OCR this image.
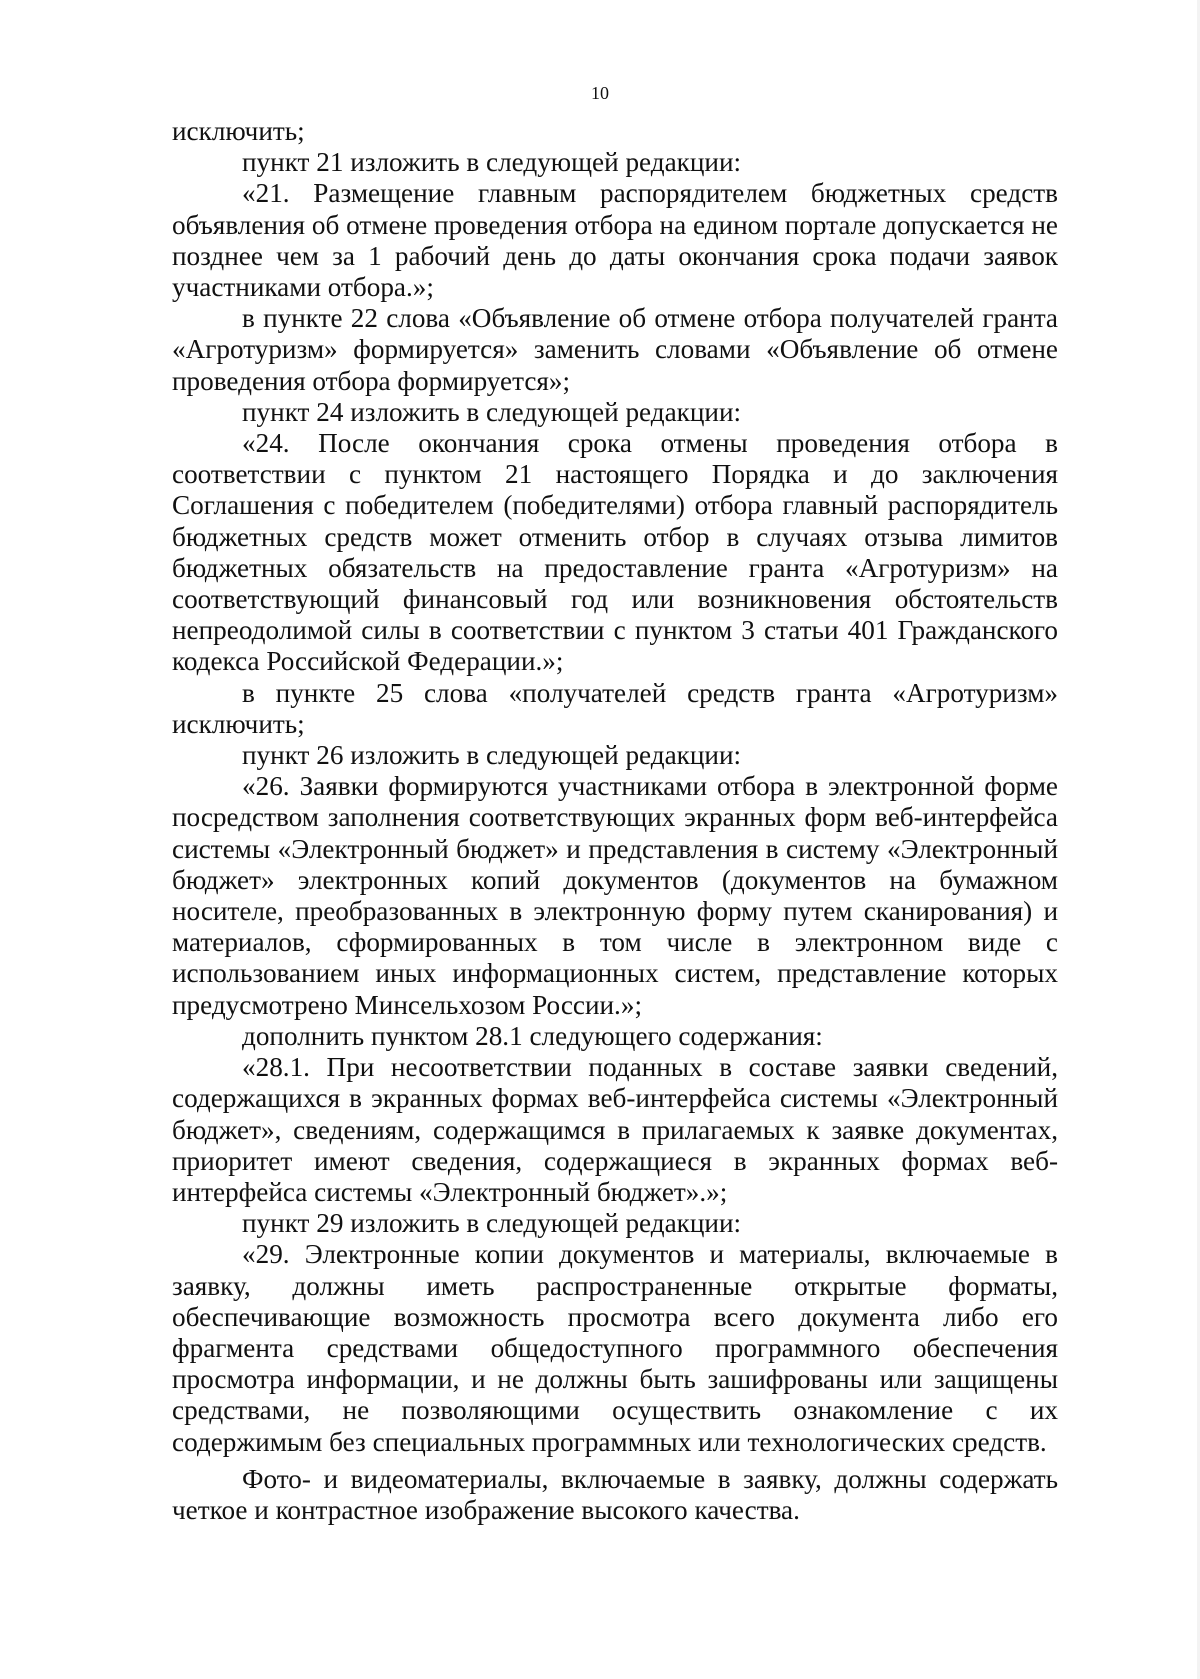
10

исключить;

пункт 21 изложить в следующей редакции:

«21. Размещение главным распорядителем бюджетных средств объявления об отмене проведения отбора на едином портале допускается не позднее чем за 1 рабочий день до даты окончания срока подачи заявок участниками отбора.»;

в пункте 22 слова «Объявление об отмене отбора получателей гранта «Агротуризм» формируется» заменить словами «Объявление об отмене проведения отбора формируется»;

пункт 24 изложить в следующей редакции:

«24. После окончания срока отмены проведения отбора в соответствии с пунктом 21 настоящего Порядка и до заключения Соглашения с победителем (победителями) отбора главный распорядитель бюджетных средств может отменить отбор в случаях отзыва лимитов бюджетных обязательств на предоставление гранта «Агротуризм» на соответствующий финансовый год или возникновения обстоятельств непреодолимой силы в соответствии с пунктом 3 статьи 401 Гражданского кодекса Российской Федерации.»;

в пункте 25 слова «получателей средств гранта «Агротуризм» исключить;

пункт 26 изложить в следующей редакции:

«26. Заявки формируются участниками отбора в электронной форме посредством заполнения соответствующих экранных форм веб-интерфейса системы «Электронный бюджет» и представления в систему «Электронный бюджет» электронных копий документов (документов на бумажном носителе, преобразованных в электронную форму путем сканирования) и материалов, сформированных в том числе в электронном виде с использованием иных информационных систем, представление которых предусмотрено Минсельхозом России.»;

дополнить пунктом 28.1 следующего содержания:

«28.1. При несоответствии поданных в составе заявки сведений, содержащихся в экранных формах веб-интерфейса системы «Электронный бюджет», сведениям, содержащимся в прилагаемых к заявке документах, приоритет имеют сведения, содержащиеся в экранных формах веб-интерфейса системы «Электронный бюджет».»;

пункт 29 изложить в следующей редакции:

«29. Электронные копии документов и материалы, включаемые в заявку, должны иметь распространенные открытые форматы, обеспечивающие возможность просмотра всего документа либо его фрагмента средствами общедоступного программного обеспечения просмотра информации, и не должны быть зашифрованы или защищены средствами, не позволяющими осуществить ознакомление с их содержимым без специальных программных или технологических средств.

Фото- и видеоматериалы, включаемые в заявку, должны содержать четкое и контрастное изображение высокого качества.
